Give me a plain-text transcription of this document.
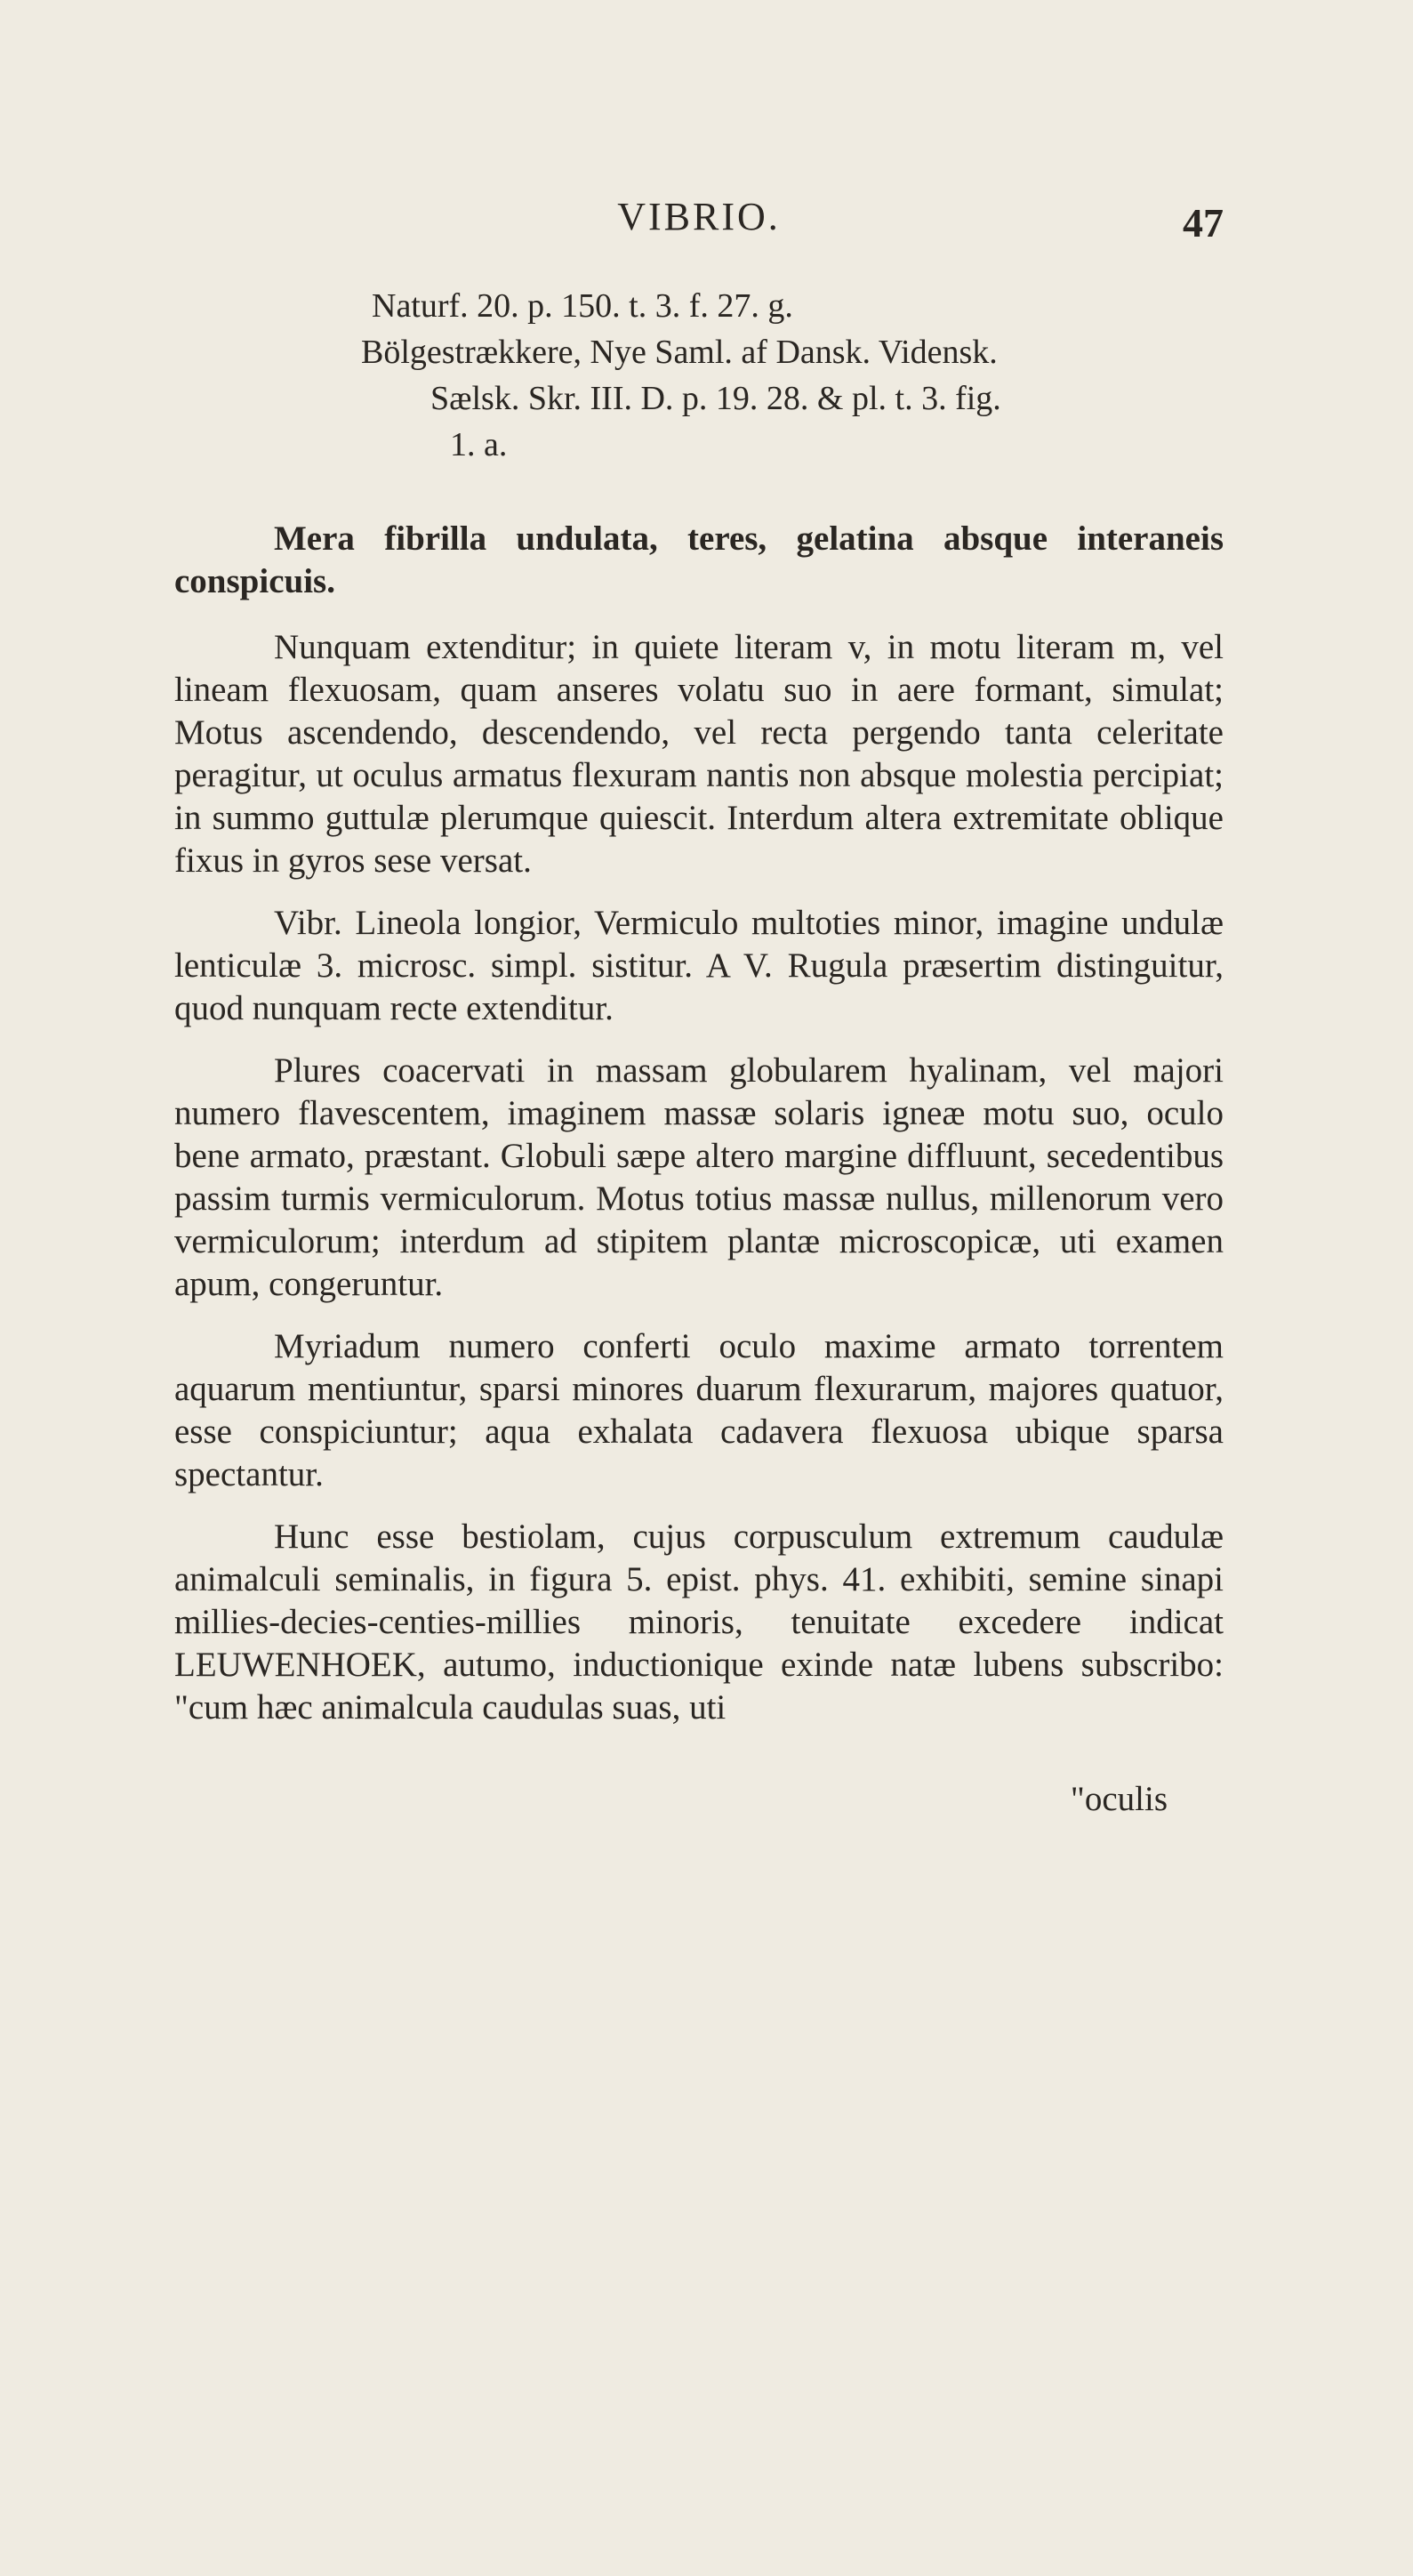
VIBRIO.	47
Naturf. 20. p. 150. t. 3. f. 27. g.
Bölgestrækkere, Nye Saml. af Dansk. Vidensk.
Sælsk. Skr. III. D. p. 19. 28. & pl. t. 3. fig.
1. a.

Mera fibrilla undulata, teres, gelatina absque interaneis conspicuis.

Nunquam extenditur; in quiete literam v, in motu literam m, vel lineam flexuosam, quam anseres volatu suo in aere formant, simulat; Motus ascendendo, descendendo, vel recta pergendo tanta celeritate peragitur, ut oculus armatus flexuram nantis non absque molestia percipiat; in summo guttulæ plerumque quiescit. Interdum altera extremitate oblique fixus in gyros sese versat.

Vibr. Lineola longior, Vermiculo multoties minor, imagine undulæ lenticulæ 3. microsc. simpl. sistitur. A V. Rugula præsertim distinguitur, quod nunquam recte extenditur.

Plures coacervati in massam globularem hyalinam, vel majori numero flavescentem, imaginem massæ solaris igneæ motu suo, oculo bene armato, præstant. Globuli sæpe altero margine diffluunt, secedentibus passim turmis vermiculorum. Motus totius massæ nullus, millenorum vero vermiculorum; interdum ad stipitem plantæ microscopicæ, uti examen apum, congeruntur.

Myriadum numero conferti oculo maxime armato torrentem aquarum mentiuntur, sparsi minores duarum flexurarum, majores quatuor, esse conspiciuntur; aqua exhalata cadavera flexuosa ubique sparsa spectantur.

Hunc esse bestiolam, cujus corpusculum extremum caudulæ animalculi seminalis, in figura 5. epist. phys. 41. exhibiti, semine sinapi millies-decies-centies-millies minoris, tenuitate excedere indicat LEUWENHOEK, autumo, inductionique exinde natæ lubens subscribo: "cum hæc animalcula caudulas suas, uti

"oculis
